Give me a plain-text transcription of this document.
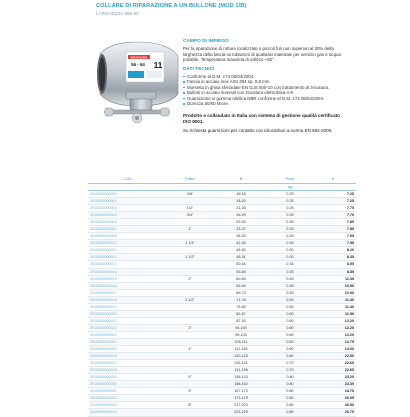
COLLARE DI RIPARAZIONE A UN BULLONE (MOD 1/B)
LARGHEZZA MM 80
FIDUCCIARIA
56 - 64 11
CAMPO DI IMPIEGO

Per la riparazione di rotture localizzate o piccoli fori non superiori al 30% della larghezza della fascia su tubazioni di qualsiasi materiale per servizio gas e acqua potabile. Temperatura massima di utilizzo +60°.

DATI TECNICI
Conforme al D.M. 174 06/04/2004.
Fascia in acciaio inox AISI 304 sp. 0,8 mm
Morsetto in ghisa sferoidale EN GJS 500-10 con trattamento di zincatura.
Bulloni in acciaio inversiti con zincatura elettrolitica A 8.
Guarnizione in gomma nitrilica NBR conforme al D.M. 174 06/04/2004.
Durezza 50/60 shore.

Prodotto e collaudato in Italia con sistema di gestione qualità certificato ISO 9001.

Su richiesta guarnizioni per contatto con idrocarburi a norma EN 682-2006.

COD.	Pollici	B	Peso	€
			kg	
3010000000000	3/8"	16-18	0.25	7.25
3010000000001		18-20	0.25	7.25
3010000000003	1/2"	21-25	0.25	7.70
3010000000004	3/4"	26-29	0.25	7.70
3010000000005		29-33	0.30	7.85
3010000000007	1"	33-37	0.30	7.85
3010000000008		38-42	0.30	7.95
3010000000010	1 1/4"	42-45	0.30	7.95
3010000000011		46-50	0.30	8.20
3010000000012	1 1/2"	48-51	0.30	8.35
3010000000013		50-54	0.35	8.50
3010000000014		55-60	0.35	8.85
3010000000015	2"	60-64	0.45	11.35
3010000000016		65-69	0.45	10.90
3010000000017		69-73	0.45	10.90
3010000000018	2 1/2"	71-76	0.50	11.40
3010000000019		76-80	0.50	11.40
3010000000020		82-87	0.50	11.50
3010000000021		87-93	0.50	12.20
3010000000022	3"	94-100	0.60	12.20
3010000000023		99-104	0.60	12.20
3010000000024		105-111	0.60	12.75
3010000000025	4"	112-118	0.60	13.00
3010000000026		120-125	0.60	22.30
3010000000027		126-131	0.70	22.65
3010000000028		131-136	0.70	22.65
3010000000029	5"	138-143	0.80	23.20
3010000000030		158-162	0.80	24.30
3010000000031	6"	167-173	0.80	24.75
3010000000032		173-179	0.80	26.05
3010000000033	8"	217-223	0.80	26.50
3010000000034		223-229	0.80	26.70
